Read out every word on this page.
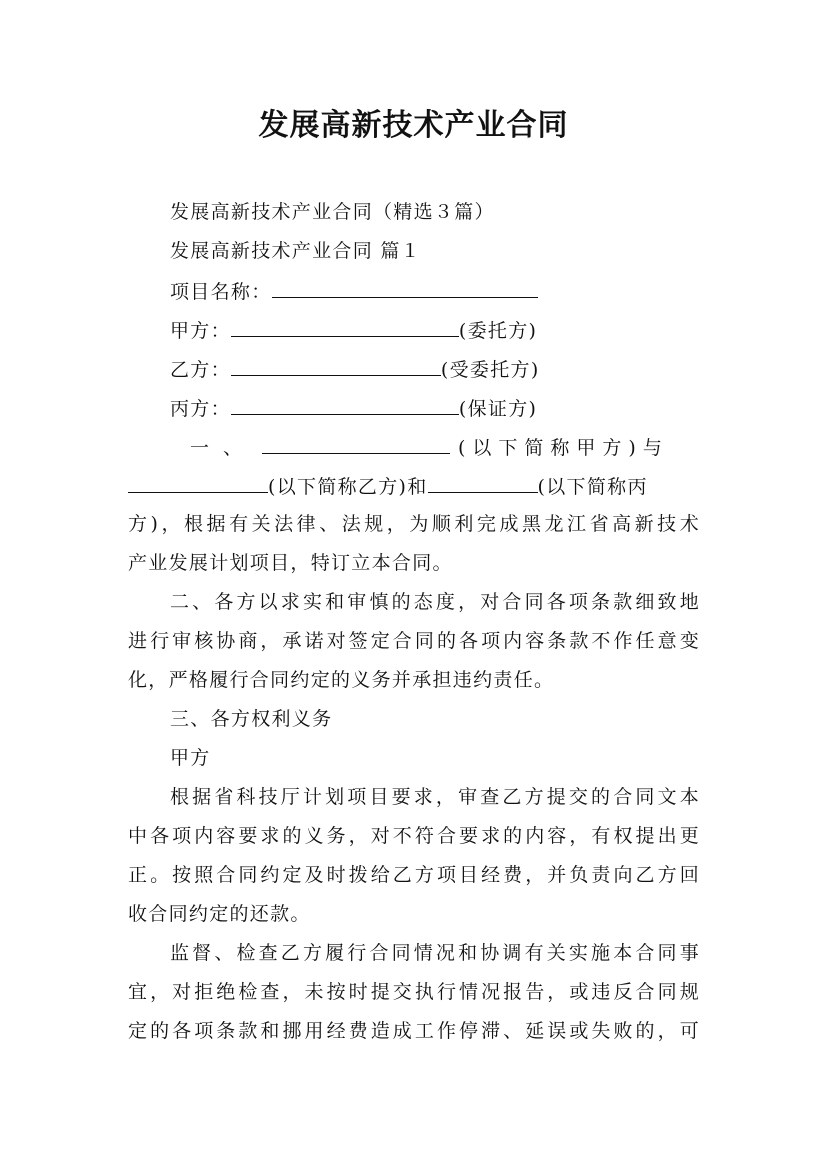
发展高新技术产业合同
发展高新技术产业合同（精选３篇）
发展高新技术产业合同 篇１
项目名称：
甲方：	(委托方)
乙方：	(受委托方)
丙方：	(保证方)
一、	(以下简称甲方)与
(以下简称乙方)和	(以下简称丙
方)，根据有关法律、法规，为顺利完成黑龙江省高新技术
产业发展计划项目，特订立本合同。
二、各方以求实和审慎的态度，对合同各项条款细致地
进行审核协商，承诺对签定合同的各项内容条款不作任意变
化，严格履行合同约定的义务并承担违约责任。
三、各方权利义务
甲方
根据省科技厅计划项目要求，审查乙方提交的合同文本
中各项内容要求的义务，对不符合要求的内容，有权提出更
正。按照合同约定及时拨给乙方项目经费，并负责向乙方回
收合同约定的还款。
监督、检查乙方履行合同情况和协调有关实施本合同事
宜，对拒绝检查，未按时提交执行情况报告，或违反合同规
定的各项条款和挪用经费造成工作停滞、延误或失败的，可
